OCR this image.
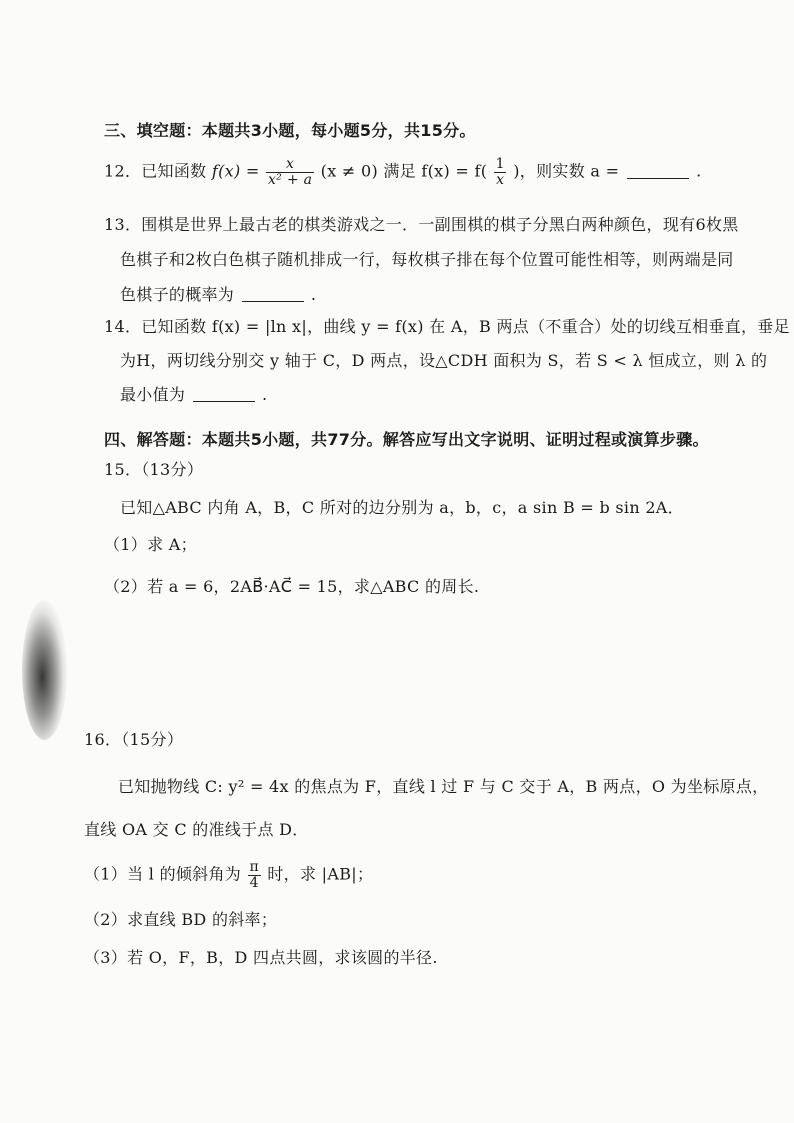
三、填空题：本题共3小题，每小题5分，共15分。
12．已知函数 $f(x) = \frac{x}{\text{x² + a}} (x \ne 0)$ 满足 $f(x) = f( \frac{1}{x}$ )，则实数 a =	.
13．围棋是世界上最古老的棋类游戏之一．一副围棋的棋子分黑白两种颜色，现有6枚黑
色棋子和2枚白色棋子随机排成一行，每枚棋子排在每个位置可能性相等，则两端是同
色棋子的概率为	.
14．已知函数 f(x) = |ln x|，曲线 y = f(x) 在 A，B 两点（不重合）处的切线互相垂直，垂足
为H，两切线分别交 y 轴于 C，D 两点，设△CDH 面积为 S，若 S < λ 恒成立，则 λ 的
最小值为	.
四、解答题：本题共5小题，共77分。解答应写出文字说明、证明过程或演算步骤。
15．（13分）
已知△ABC 内角 A，B，C 所对的边分别为 a，b，c，a sin B = b sin 2A．
（1）求 A；
（2）若 a = 6，2AB⃗·AC⃗ = 15，求△ABC 的周长.
16．（15分）
已知抛物线 C: y² = 4x 的焦点为 F，直线 l 过 F 与 C 交于 A，B 两点，O 为坐标原点，
直线 OA 交 C 的准线于点 D．
（1）当 l 的倾斜角为 $\frac{\pi}{4}$ 时，求 |AB|；
（2）求直线 BD 的斜率；
（3）若 O，F，B，D 四点共圆，求该圆的半径.
